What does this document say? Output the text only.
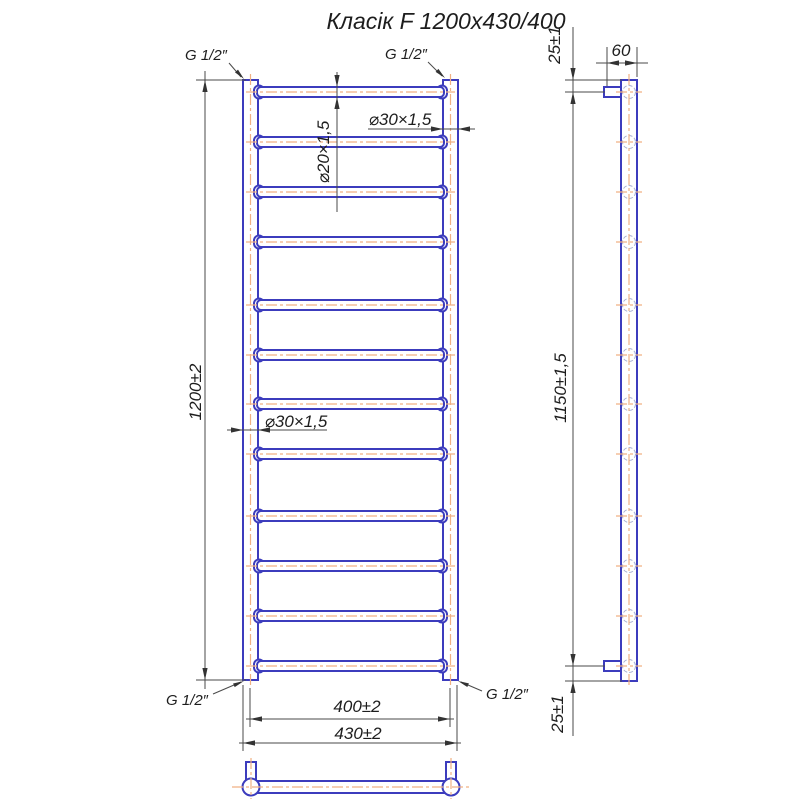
Класік F 1200x430/400
G 1/2″	G 1/2″
G 1/2″	G 1/2″
1200±2
⌀20×1,5
⌀30×1,5
⌀30×1,5
400±2
430±2
25±1	60
1150±1,5
25±1
